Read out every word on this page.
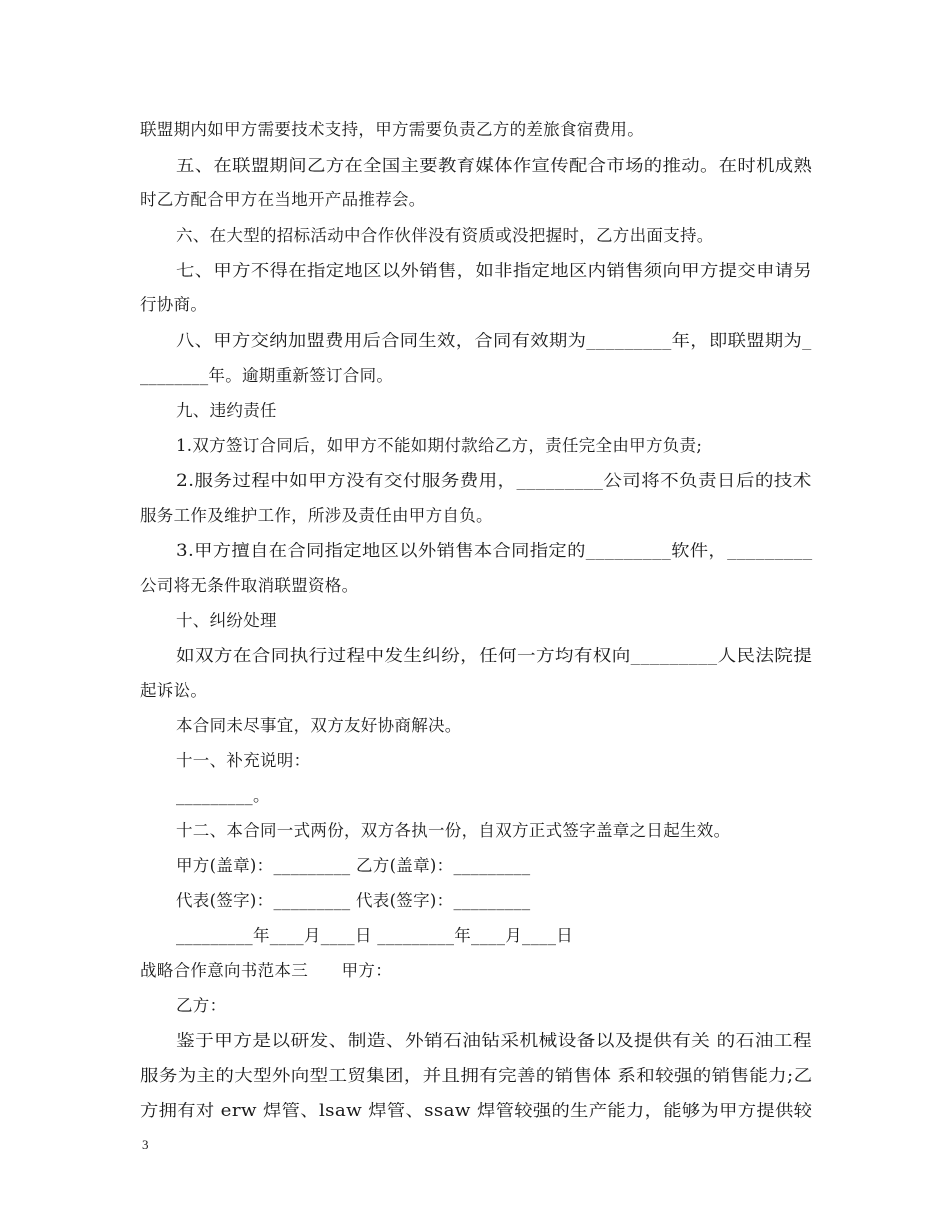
联盟期内如甲方需要技术支持，甲方需要负责乙方的差旅食宿费用。
五、在联盟期间乙方在全国主要教育媒体作宣传配合市场的推动。在时机成熟
时乙方配合甲方在当地开产品推荐会。
六、在大型的招标活动中合作伙伴没有资质或没把握时，乙方出面支持。
七、甲方不得在指定地区以外销售，如非指定地区内销售须向甲方提交申请另
行协商。
八、甲方交纳加盟费用后合同生效，合同有效期为_________年，即联盟期为_
________年。逾期重新签订合同。
九、违约责任
1.双方签订合同后，如甲方不能如期付款给乙方，责任完全由甲方负责;
2.服务过程中如甲方没有交付服务费用，_________公司将不负责日后的技术
服务工作及维护工作，所涉及责任由甲方自负。
3.甲方擅自在合同指定地区以外销售本合同指定的_________软件，_________
公司将无条件取消联盟资格。
十、纠纷处理
如双方在合同执行过程中发生纠纷，任何一方均有权向_________人民法院提
起诉讼。
本合同未尽事宜，双方友好协商解决。
十一、补充说明：
_________。
十二、本合同一式两份，双方各执一份，自双方正式签字盖章之日起生效。
甲方(盖章)：_________ 乙方(盖章)：_________
代表(签字)：_________ 代表(签字)：_________
_________年____月____日 _________年____月____日
战略合作意向书范本三　　甲方：
乙方：
鉴于甲方是以研发、制造、外销石油钻采机械设备以及提供有关 的石油工程
服务为主的大型外向型工贸集团，并且拥有完善的销售体 系和较强的销售能力;乙
方拥有对 erw 焊管、lsaw 焊管、ssaw 焊管较强的生产能力，能够为甲方提供较
3
